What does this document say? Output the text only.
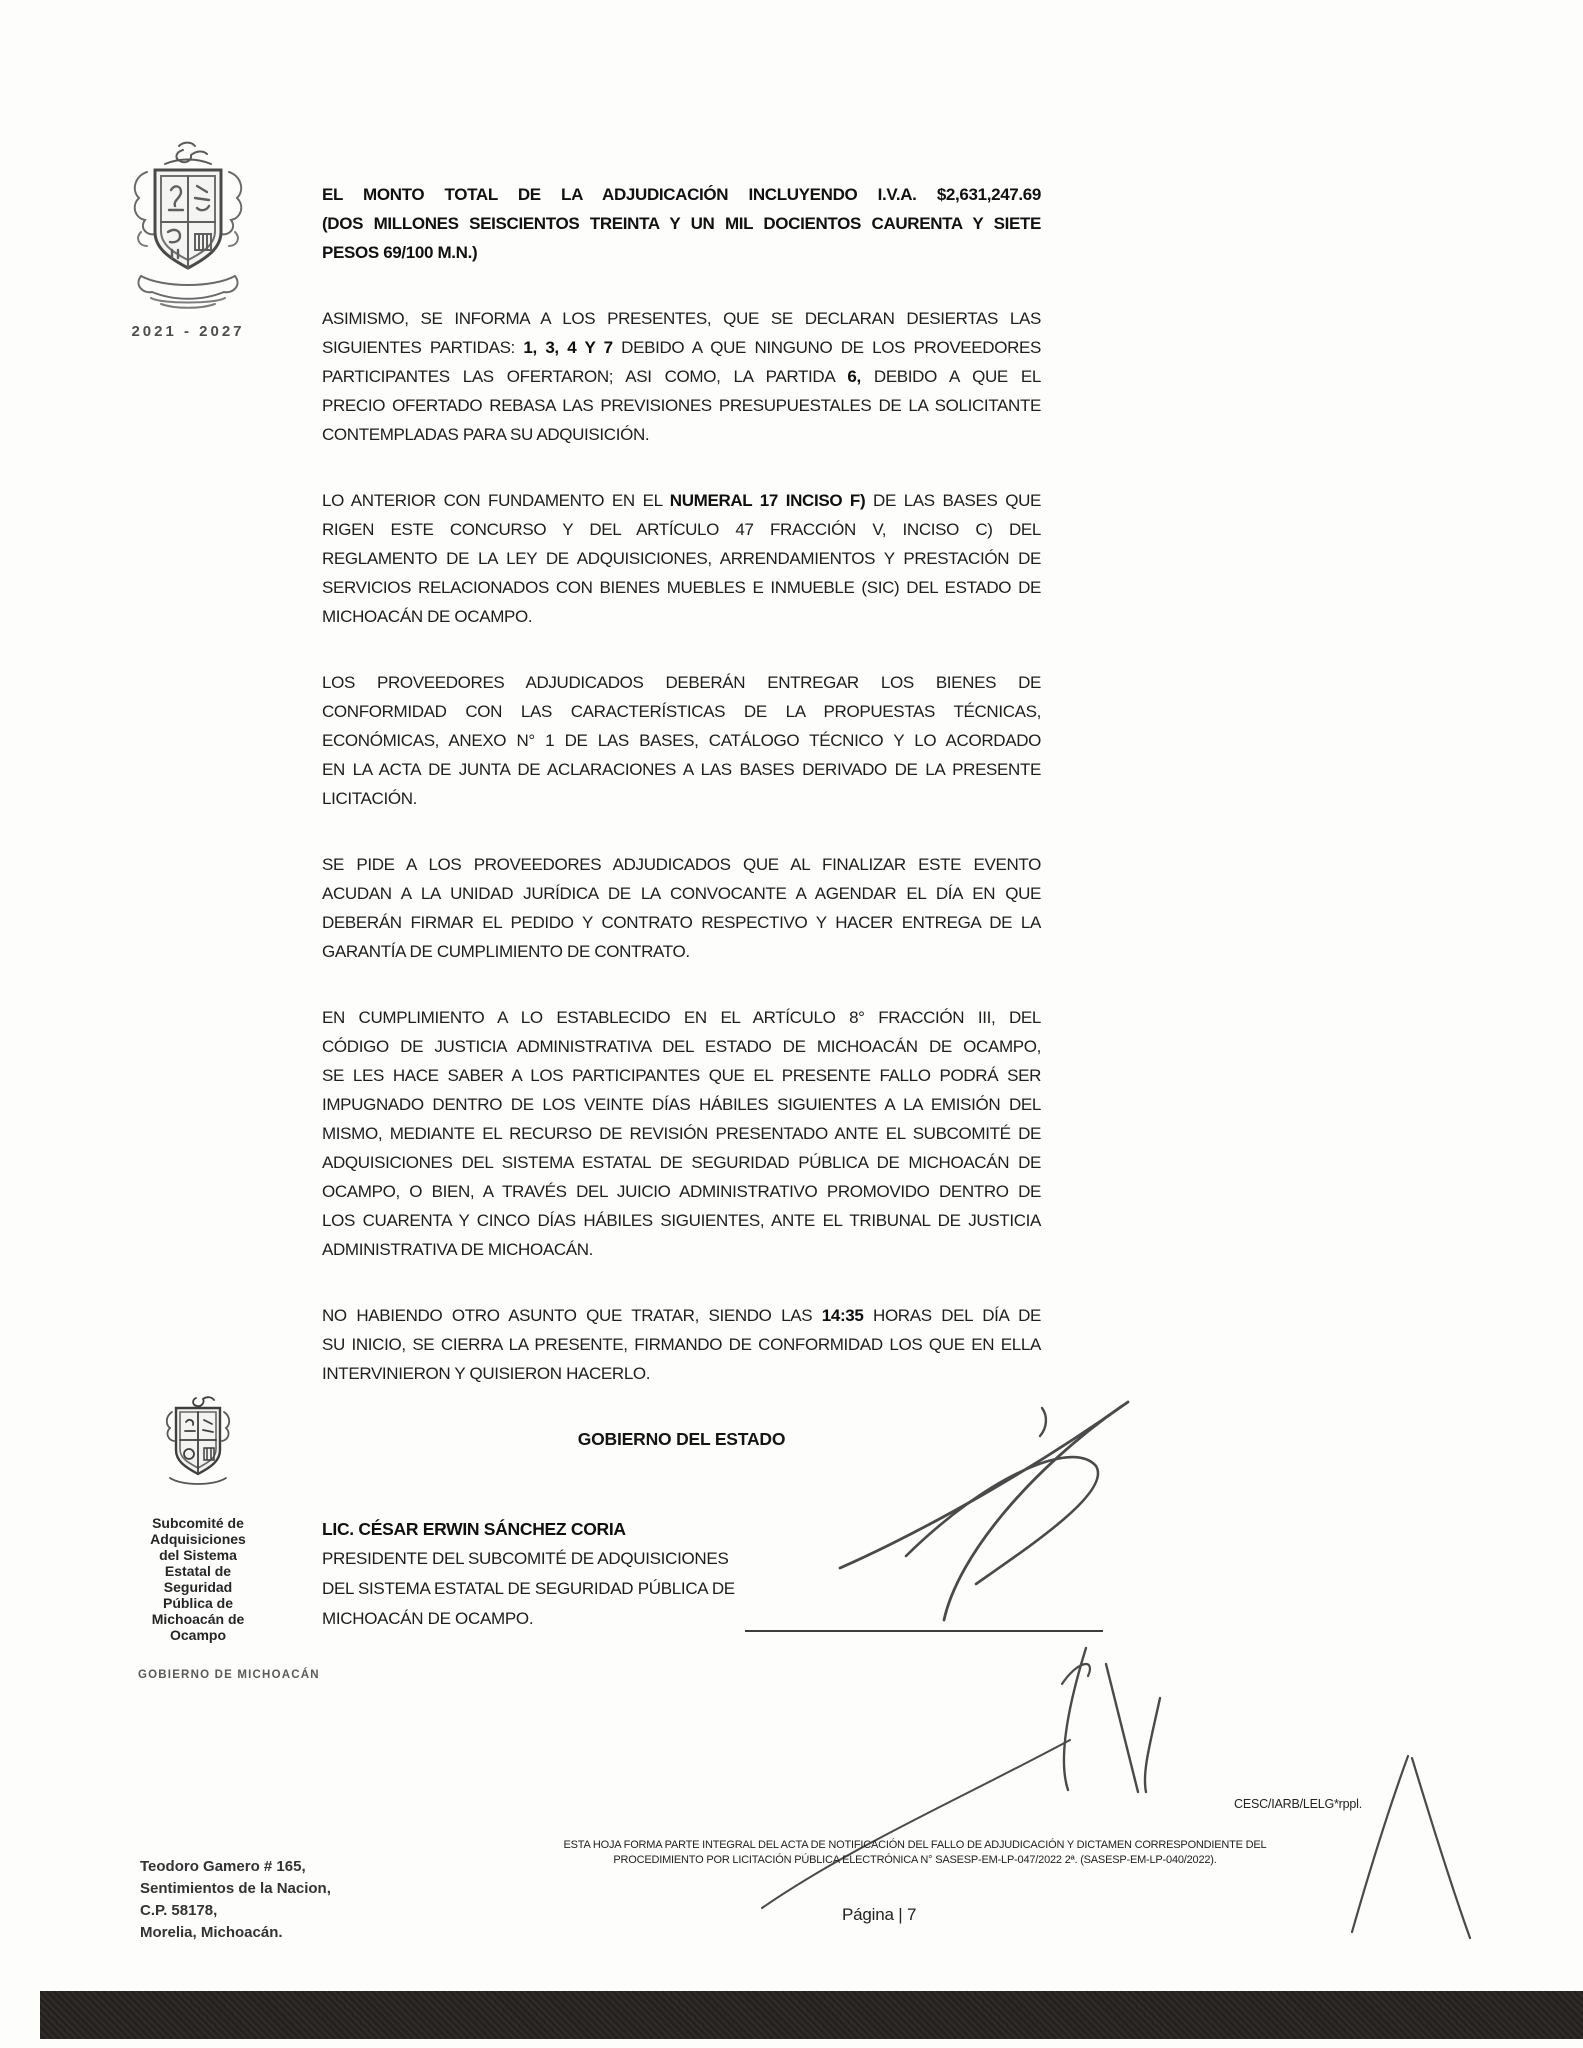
2021 - 2027
EL MONTO TOTAL DE LA ADJUDICACIÓN INCLUYENDO I.V.A. $2,631,247.69
(DOS MILLONES SEISCIENTOS TREINTA Y UN MIL DOCIENTOS CAURENTA Y SIETE
PESOS 69/100 M.N.)
ASIMISMO, SE INFORMA A LOS PRESENTES, QUE SE DECLARAN DESIERTAS LAS
SIGUIENTES PARTIDAS: 1, 3, 4 Y 7 DEBIDO A QUE NINGUNO DE LOS PROVEEDORES
PARTICIPANTES LAS OFERTARON; ASI COMO, LA PARTIDA 6, DEBIDO A QUE EL
PRECIO OFERTADO REBASA LAS PREVISIONES PRESUPUESTALES DE LA SOLICITANTE
CONTEMPLADAS PARA SU ADQUISICIÓN.
LO ANTERIOR CON FUNDAMENTO EN EL NUMERAL 17 INCISO F) DE LAS BASES QUE
RIGEN ESTE CONCURSO Y DEL ARTÍCULO 47 FRACCIÓN V, INCISO C) DEL
REGLAMENTO DE LA LEY DE ADQUISICIONES, ARRENDAMIENTOS Y PRESTACIÓN DE
SERVICIOS RELACIONADOS CON BIENES MUEBLES E INMUEBLE (SIC) DEL ESTADO DE
MICHOACÁN DE OCAMPO.
LOS PROVEEDORES ADJUDICADOS DEBERÁN ENTREGAR LOS BIENES DE
CONFORMIDAD CON LAS CARACTERÍSTICAS DE LA PROPUESTAS TÉCNICAS,
ECONÓMICAS, ANEXO N° 1 DE LAS BASES, CATÁLOGO TÉCNICO Y LO ACORDADO
EN LA ACTA DE JUNTA DE ACLARACIONES A LAS BASES DERIVADO DE LA PRESENTE
LICITACIÓN.
SE PIDE A LOS PROVEEDORES ADJUDICADOS QUE AL FINALIZAR ESTE EVENTO
ACUDAN A LA UNIDAD JURÍDICA DE LA CONVOCANTE A AGENDAR EL DÍA EN QUE
DEBERÁN FIRMAR EL PEDIDO Y CONTRATO RESPECTIVO Y HACER ENTREGA DE LA
GARANTÍA DE CUMPLIMIENTO DE CONTRATO.
EN CUMPLIMIENTO A LO ESTABLECIDO EN EL ARTÍCULO 8° FRACCIÓN III, DEL
CÓDIGO DE JUSTICIA ADMINISTRATIVA DEL ESTADO DE MICHOACÁN DE OCAMPO,
SE LES HACE SABER A LOS PARTICIPANTES QUE EL PRESENTE FALLO PODRÁ SER
IMPUGNADO DENTRO DE LOS VEINTE DÍAS HÁBILES SIGUIENTES A LA EMISIÓN DEL
MISMO, MEDIANTE EL RECURSO DE REVISIÓN PRESENTADO ANTE EL SUBCOMITÉ DE
ADQUISICIONES DEL SISTEMA ESTATAL DE SEGURIDAD PÚBLICA DE MICHOACÁN DE
OCAMPO, O BIEN, A TRAVÉS DEL JUICIO ADMINISTRATIVO PROMOVIDO DENTRO DE
LOS CUARENTA Y CINCO DÍAS HÁBILES SIGUIENTES, ANTE EL TRIBUNAL DE JUSTICIA
ADMINISTRATIVA DE MICHOACÁN.
NO HABIENDO OTRO ASUNTO QUE TRATAR, SIENDO LAS 14:35 HORAS DEL DÍA DE
SU INICIO, SE CIERRA LA PRESENTE, FIRMANDO DE CONFORMIDAD LOS QUE EN ELLA
INTERVINIERON Y QUISIERON HACERLO.
GOBIERNO DEL ESTADO
LIC. CÉSAR ERWIN SÁNCHEZ CORIA
PRESIDENTE DEL SUBCOMITÉ DE ADQUISICIONES
DEL SISTEMA ESTATAL DE SEGURIDAD PÚBLICA DE
MICHOACÁN DE OCAMPO.
Subcomité de
Adquisiciones
del Sistema Estatal de
Seguridad Pública de
Michoacán de
Ocampo
GOBIERNO DE MICHOACÁN
Teodoro Gamero # 165,
Sentimientos de la Nacion,
C.P. 58178,
Morelia, Michoacán.
CESC/IARB/LELG*rppl.
ESTA HOJA FORMA PARTE INTEGRAL DEL ACTA DE NOTIFICACIÓN DEL FALLO DE ADJUDICACIÓN Y DICTAMEN CORRESPONDIENTE DEL
PROCEDIMIENTO POR LICITACIÓN PÚBLICA ELECTRÓNICA N° SASESP-EM-LP-047/2022 2ª. (SASESP-EM-LP-040/2022).
Página | 7
